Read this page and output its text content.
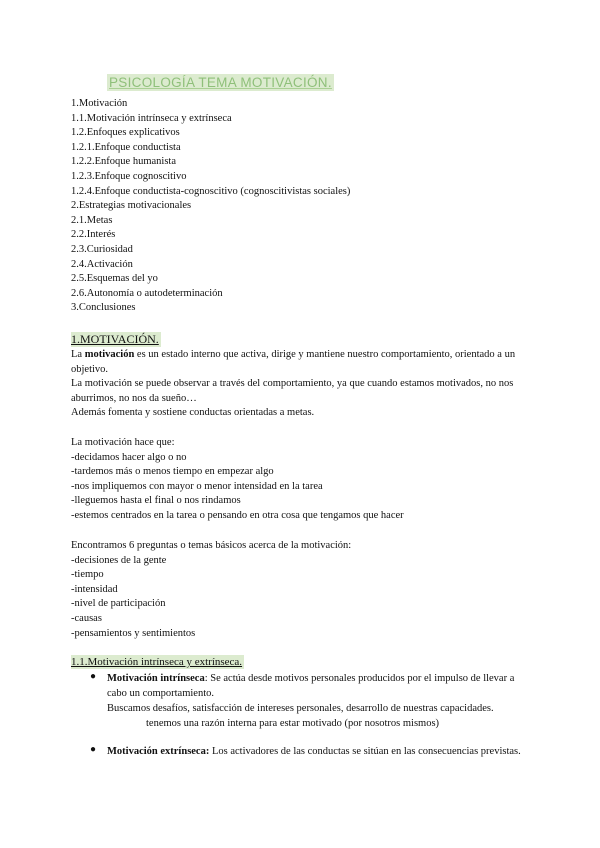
PSICOLOGÍA TEMA MOTIVACIÓN.
1.Motivación
1.1.Motivación intrínseca y extrínseca
1.2.Enfoques explicativos
1.2.1.Enfoque conductista
1.2.2.Enfoque humanista
1.2.3.Enfoque cognoscitivo
1.2.4.Enfoque conductista-cognoscitivo (cognoscitivistas sociales)
2.Estrategias motivacionales
2.1.Metas
2.2.Interés
2.3.Curiosidad
2.4.Activación
2.5.Esquemas del yo
2.6.Autonomía o autodeterminación
3.Conclusiones
1.MOTIVACIÓN.
La motivación es un estado interno que activa, dirige y mantiene nuestro comportamiento, orientado a un objetivo.
La motivación se puede observar a través del comportamiento, ya que cuando estamos motivados, no nos aburrimos, no nos da sueño…
Además fomenta y sostiene conductas orientadas a metas.
La motivación hace que:
-decidamos hacer algo o no
-tardemos más o menos tiempo en empezar algo
-nos impliquemos con mayor o menor intensidad en la tarea
-lleguemos hasta el final o nos rindamos
-estemos centrados en la tarea o pensando en otra cosa que tengamos que hacer
Encontramos 6 preguntas o temas básicos acerca de la motivación:
-decisiones de la gente
-tiempo
-intensidad
-nivel de participación
-causas
-pensamientos y sentimientos
1.1.Motivación intrínseca y extrínseca.
● Motivación intrínseca: Se actúa desde motivos personales producidos por el impulso de llevar a cabo un comportamiento.
Buscamos desafíos, satisfacción de intereses personales, desarrollo de nuestras capacidades.
tenemos una razón interna para estar motivado (por nosotros mismos)
● Motivación extrínseca: Los activadores de las conductas se sitúan en las consecuencias previstas.
